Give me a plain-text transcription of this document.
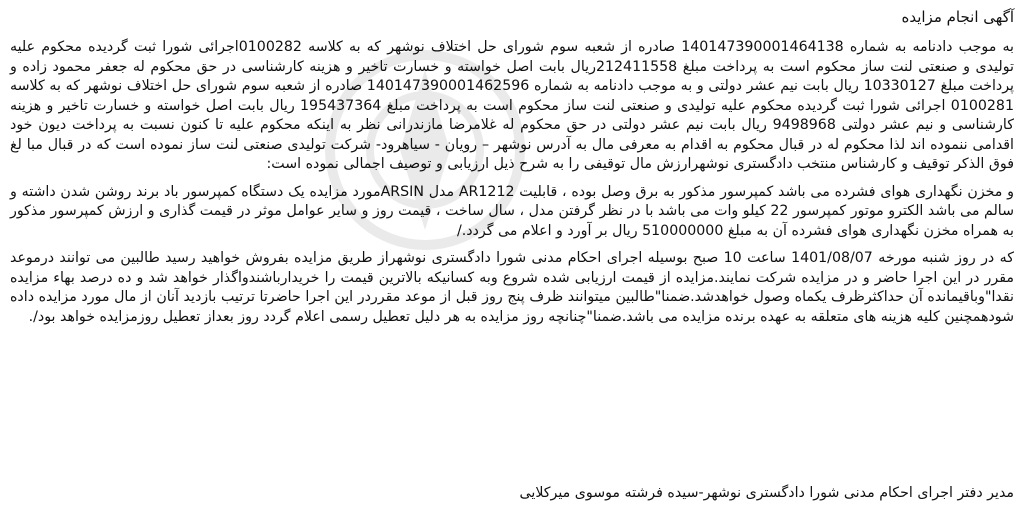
آگهی انجام مزایده

به موجب دادنامه به شماره 140147390001464138 صادره از شعبه سوم شورای حل اختلاف نوشهر که به کلاسه 0100282اجرائی شورا ثبت گردیده محکوم علیه تولیدی و صنعتی لنت ساز محکوم است به پرداخت مبلغ 212411558ریال بابت اصل خواسته و خسارت تاخیر و هزینه کارشناسی در حق محکوم له جعفر محمود زاده و پرداخت مبلغ 10330127 ریال بابت نیم عشر دولتی و به موجب دادنامه به شماره 140147390001462596 صادره از شعبه سوم شورای حل اختلاف نوشهر که به کلاسه 0100281 اجرائی شورا ثبت گردیده محکوم علیه تولیدی و صنعتی لنت ساز محکوم است به پرداخت مبلغ 195437364 ریال بابت اصل خواسته و خسارت تاخیر و هزینه کارشناسی و نیم عشر دولتی 9498968 ریال بابت نیم عشر دولتی در حق محکوم له غلامرضا مازندرانی نظر به اینکه محکوم علیه تا کنون نسبت به پرداخت دیون خود اقدامی ننموده اند لذا محکوم له در قبال محکوم به اقدام به معرفی مال به آدرس نوشهر – رویان - سیاهرود- شرکت تولیدی صنعتی لنت ساز نموده است که در قبال مبا لغ فوق الذکر توقیف و کارشناس منتخب دادگستری نوشهرارزش مال توقیفی را به شرح ذیل ارزیابی و توصیف اجمالی نموده است:

و مخزن نگهداری هوای فشرده می باشد کمپرسور مذکور به برق وصل بوده ، قابلیت AR1212 مدل ARSINمورد مزایده یک دستگاه کمپرسور باد برند روشن شدن داشته و سالم می باشد الکترو موتور کمپرسور 22 کیلو وات می باشد با در نظر گرفتن مدل ، سال ساخت ، قیمت روز و سایر عوامل موثر در قیمت گذاری و ارزش کمپرسور مذکور به همراه مخزن نگهداری هوای فشرده آن به مبلغ 510000000 ریال بر آورد و اعلام می گردد./

که در روز شنبه مورخه 1401/08/07 ساعت 10 صبح بوسیله اجرای احکام مدنی شورا دادگستری نوشهراز طریق مزایده بفروش خواهید رسید طالبین می توانند درموعد مقرر در این اجرا حاضر و در مزایده شرکت نمایند.مزایده از قیمت ارزیابی شده شروع وبه کسانیکه بالاترین قیمت را خریدارباشندواگذار خواهد شد و ده درصد بهاء مزایده نقدا"وباقیمانده آن حداکثرظرف یکماه وصول خواهدشد.ضمنا"طالبین میتوانند ظرف پنج روز قبل از موعد مقرردر این اجرا حاضرتا ترتیب بازدید آنان از مال مورد مزایده داده شودهمچنین کلیه هزینه های متعلقه به عهده برنده مزایده می باشد.ضمنا"چنانچه روز مزایده به هر دلیل تعطیل رسمی اعلام گردد روز بعداز تعطیل روزمزایده خواهد بود/.

مدیر دفتر اجرای احکام مدنی شورا دادگستری نوشهر-سیده فرشته موسوی میرکلایی
